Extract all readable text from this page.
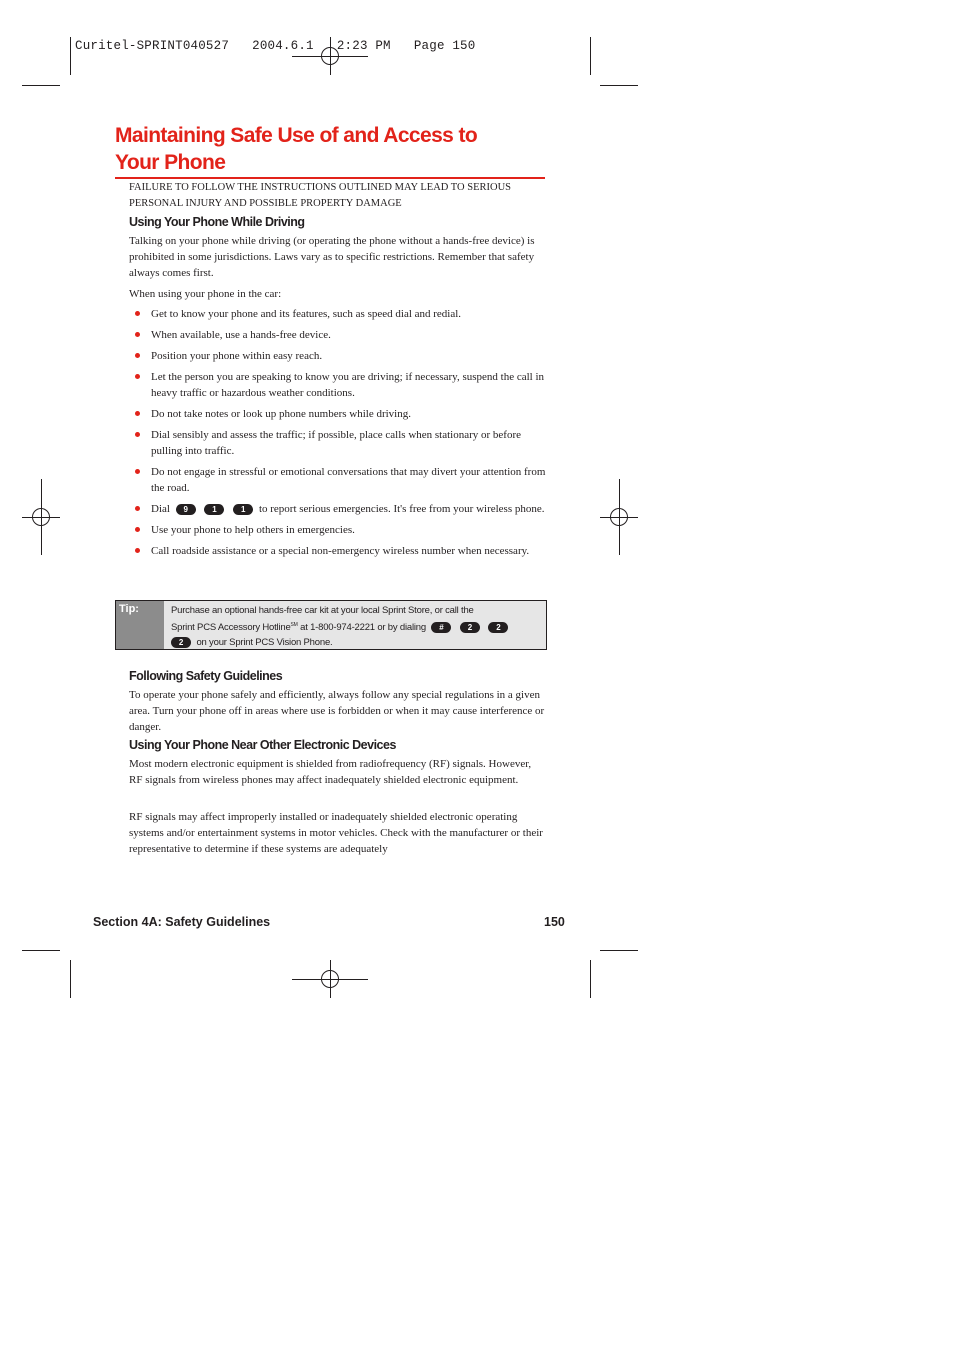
Curitel-SPRINT040527   2004.6.1   2:23 PM   Page 150
Maintaining Safe Use of and Access to
Your Phone
FAILURE TO FOLLOW THE INSTRUCTIONS OUTLINED MAY LEAD TO SERIOUS PERSONAL INJURY AND POSSIBLE PROPERTY DAMAGE
Using Your Phone While Driving
Talking on your phone while driving (or operating the phone without a hands-free device) is prohibited in some jurisdictions. Laws vary as to specific restrictions. Remember that safety always comes first.
When using your phone in the car:
Get to know your phone and its features, such as speed dial and redial.
When available, use a hands-free device.
Position your phone within easy reach.
Let the person you are speaking to know you are driving; if necessary, suspend the call in heavy traffic or hazardous weather conditions.
Do not take notes or look up phone numbers while driving.
Dial sensibly and assess the traffic; if possible, place calls when stationary or before pulling into traffic.
Do not engage in stressful or emotional conversations that may divert your attention from the road.
Dial 9	1	1 to report serious emergencies. It's free from your wireless phone.
Use your phone to help others in emergencies.
Call roadside assistance or a special non-emergency wireless number when necessary.
Tip:	Purchase an optional hands-free car kit at your local Sprint Store, or call the
Sprint PCS Accessory Hotline℠ at 1-800-974-2221 or by dialing #	2	2
2 on your Sprint PCS Vision Phone.
Following Safety Guidelines
To operate your phone safely and efficiently, always follow any special regulations in a given area. Turn your phone off in areas where use is forbidden or when it may cause interference or danger.
Using Your Phone Near Other Electronic Devices
Most modern electronic equipment is shielded from radiofrequency (RF) signals. However, RF signals from wireless phones may affect inadequately shielded electronic equipment.
RF signals may affect improperly installed or inadequately shielded electronic operating systems and/or entertainment systems in motor vehicles. Check with the manufacturer or their representative to determine if these systems are adequately
Section 4A: Safety Guidelines	150
